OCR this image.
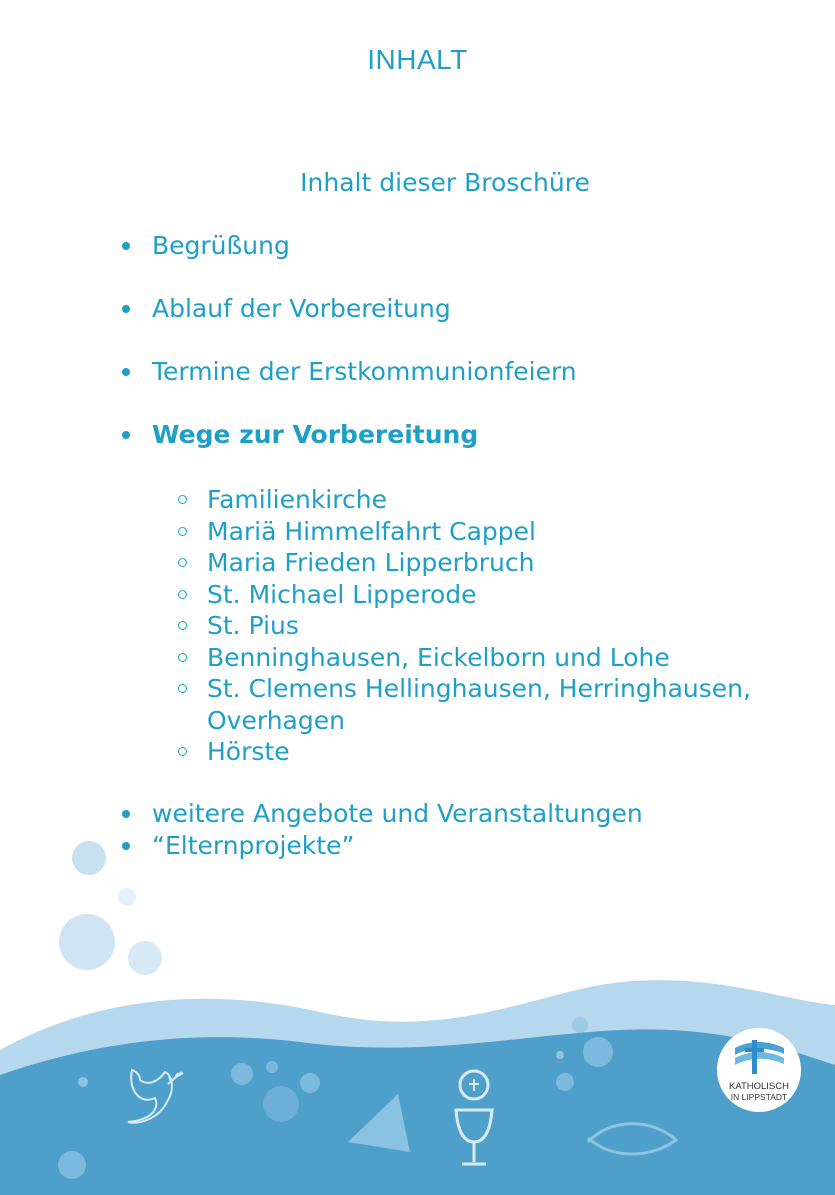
INHALT
Inhalt dieser Broschüre
Begrüßung
Ablauf der Vorbereitung
Termine der Erstkommunionfeiern
Wege zur Vorbereitung
Familienkirche
Mariä Himmelfahrt Cappel
Maria Frieden Lipperbruch
St. Michael Lipperode
St. Pius
Benninghausen, Eickelborn und Lohe
St. Clemens Hellinghausen, Herringhausen,
Overhagen
Hörste
weitere Angebote und Veranstaltungen
“Elternprojekte”
KATHOLISCH
IN LIPPSTADT
